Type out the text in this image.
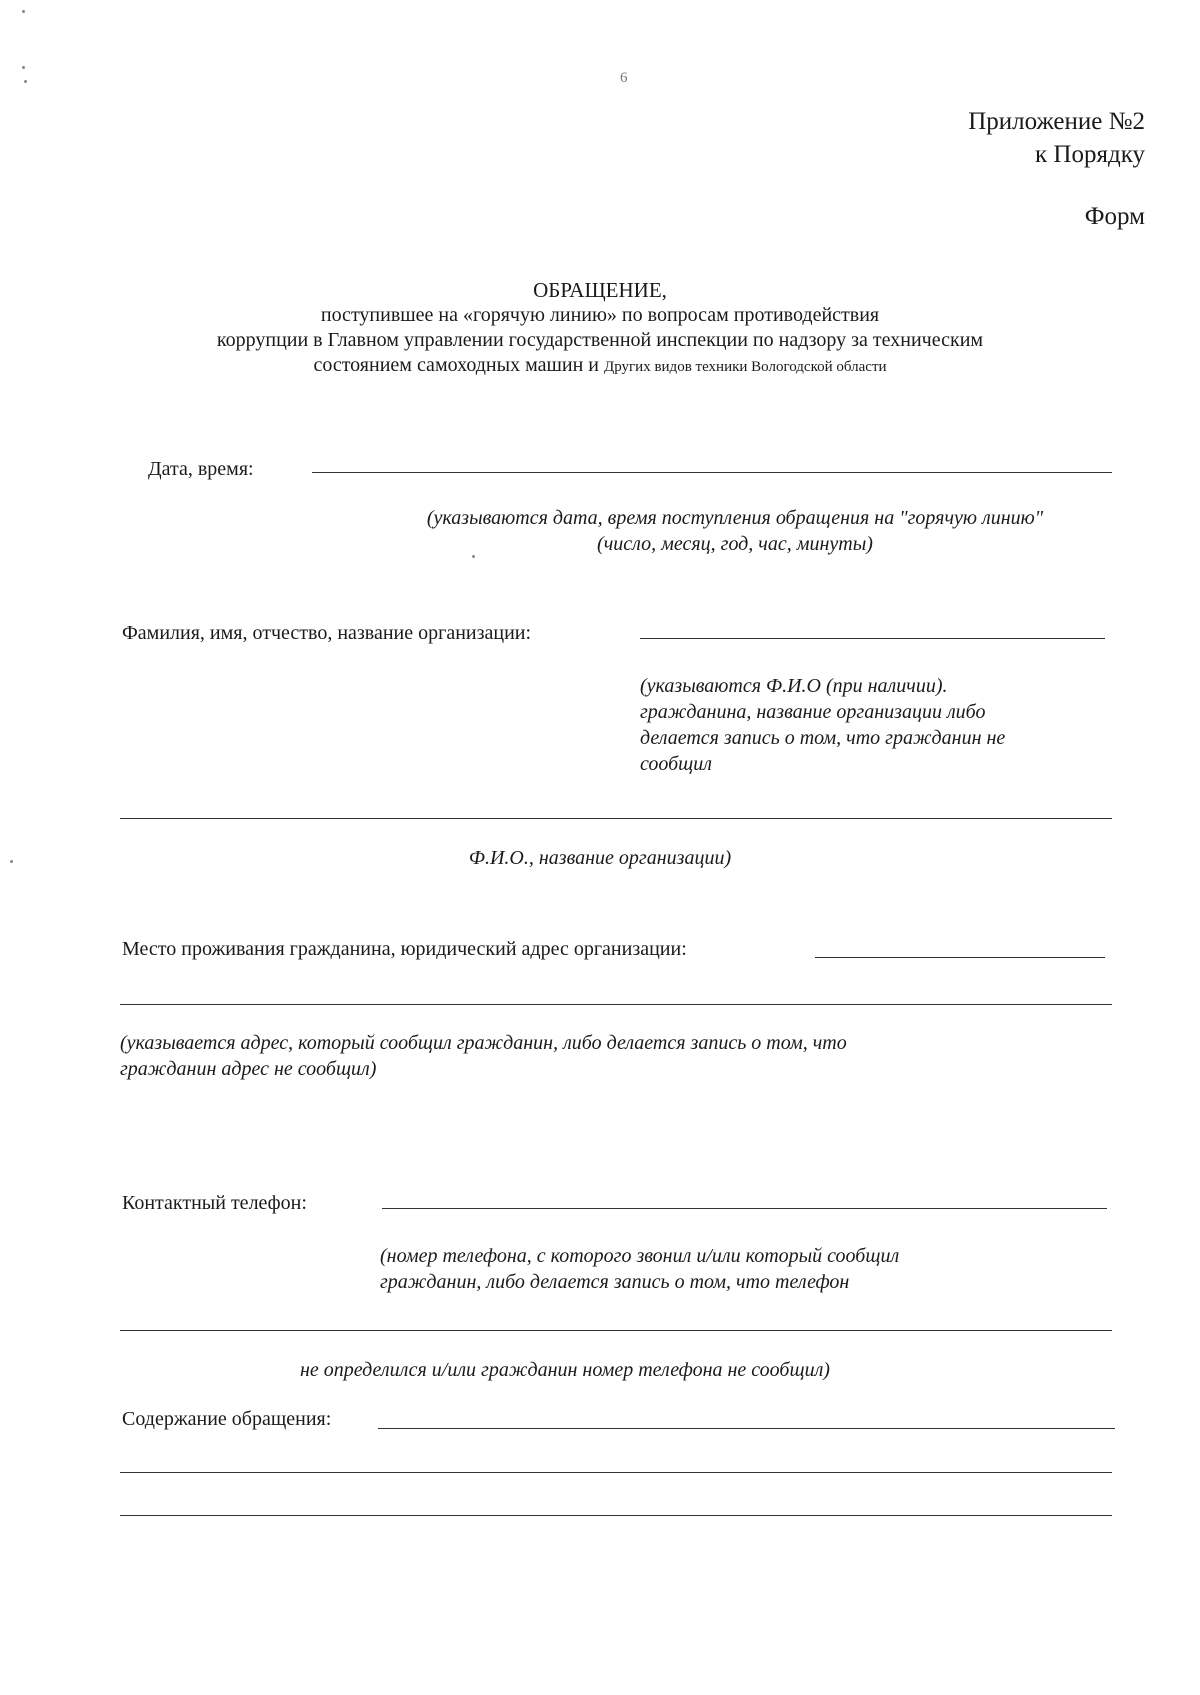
6
Приложение №2
к Порядку
Форм
ОБРАЩЕНИЕ,
поступившее на «горячую линию» по вопросам противодействия
коррупции в Главном управлении государственной инспекции по надзору за техническим
состоянием самоходных машин и Других видов техники Вологодской области
Дата, время:
(указываются дата, время поступления обращения на "горячую линию"
(число, месяц, год, час, минуты)
Фамилия, имя, отчество, название организации:
(указываются Ф.И.О (при наличии).
гражданина, название организации либо
делается запись о том, что гражданин не
сообщил
Ф.И.О., название организации)
Место проживания гражданина, юридический адрес организации:
(указывается адрес, который сообщил гражданин, либо делается запись о том, что
гражданин адрес не сообщил)
Контактный телефон:
(номер телефона, с которого звонил и/или который сообщил
гражданин, либо делается запись о том, что телефон
не определился и/или гражданин номер телефона не сообщил)
Содержание обращения:
